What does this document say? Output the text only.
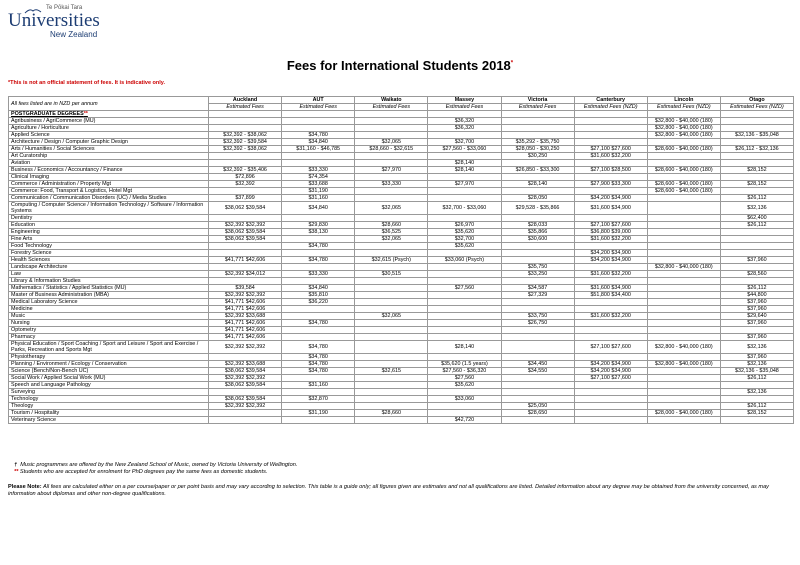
Te Pōkai Tara
Universities
New Zealand
Fees for International Students 2018*
*This is not an official statement of fees. It is indicative only.
All fees listed are in NZD per annum	Auckland	AUT	Waikato	Massey	Victoria	Canterbury	Lincoln	Otago
	Estimated Fees	Estimated Fees	Estimated Fees	Estimated Fees	Estimated Fees	Estimated Fees (NZD)	Estimated Fees (NZD)	Estimated Fees (NZD)
POSTGRADUATE DEGREES**								
Agribusiness / AgriCommerce (MU)				$36,320			$32,800 - $40,000 (180)	
Agriculture / Horticulture				$36,320			$32,800 - $40,000 (180)	
Applied Science	$32,392 - $38,062	$34,780					$32,800 - $40,000 (180)	$32,136 - $35,048
Architecture / Design / Computer Graphic Design	$32,392 - $39,584	$34,840	$32,065	$32,700	$35,292 - $35,750			
Arts / Humanities / Social Sciences	$32,392 - $38,062	$31,160 - $46,785	$28,660 - $32,615	$27,560 - $33,060	$28,050 - $30,250	$27,100 $27,600	$28,600 - $40,000 (180)	$26,112 - $32,136
Art Curatorship					$30,250	$31,600 $32,200		
Aviation				$28,140				
Business / Economics / Accountancy / Finance	$32,392 - $35,406	$33,330	$27,970	$28,140	$26,850 - $33,300	$27,100 $28,500	$28,600 - $40,000 (180)	$28,152
Clinical Imaging	$72,896	$74,354						
Commerce / Administration / Property Mgt	$32,392	$33,688	$33,330	$27,970	$28,140	$27,900 $33,300	$28,600 - $40,000 (180)	$28,152
Commerce: Food, Transport & Logistics, Hotel Mgt		$31,190					$28,600 - $40,000 (180)	
Communication / Communication Disorders (UC) / Media Studies	$37,899	$31,160			$28,050	$34,200 $34,900		$26,112
Computing / Computer Science / Information Technology / Software / Information Systems	$38,062 $39,584	$34,840	$32,065	$32,700 - $33,060	$29,528 - $35,866	$31,600 $34,900		$32,136
Dentistry								$62,400
Education	$32,392 $32,392	$29,830	$28,660	$26,970	$28,033	$27,100 $27,600		$26,112
Engineering	$38,062 $39,584	$38,130	$36,525	$35,620	$35,866	$36,800 $39,000		
Fine Arts	$38,062 $39,584		$32,065	$32,700	$30,600	$31,600 $32,200		
Food Technology		$34,780		$35,620				
Forestry Science						$34,200 $34,900		
Health Sciences	$41,771 $42,606	$34,780	$32,615 (Psych)	$33,060 (Psych)		$34,200 $34,900		$37,960
Landscape Architecture					$35,750		$32,800 - $40,000 (180)	
Law	$32,392 $34,012	$33,330	$30,515		$33,250	$31,600 $32,200		$28,560
Library & Information Studies								
Mathematics / Statistics / Applied Statistics (MU)	$39,584	$34,840		$27,560	$34,587	$31,600 $34,900		$26,112
Master of Business Administration (MBA)	$32,392 $32,392	$35,810			$27,329	$51,800 $34,400		$44,800
Medical Laboratory Science	$41,771 $42,606	$36,220						$37,960
Medicine	$41,771 $42,606							$37,960
Music	$32,392 $33,688		$32,065		$33,750	$31,600 $32,200		$29,640
Nursing	$41,771 $42,606	$34,780			$26,750			$37,960
Optometry	$41,771 $42,606							
Pharmacy	$41,771 $42,606							$37,960
Physical Education / Sport Coaching / Sport and Leisure / Sport and Exercise / Parks, Recreation and Sports Mgt	$32,392 $32,392	$34,780		$28,140		$27,100 $27,600	$32,800 - $40,000 (180)	$32,136
Physiotherapy		$34,780						$37,960
Planning / Environment / Ecology / Conservation	$32,392 $33,688	$34,780		$35,620 (1.5 years)	$34,450	$34,200 $34,900	$32,800 - $40,000 (180)	$32,136
Science (Bench/Non-Bench UC)	$38,062 $39,584	$34,780	$32,615	$27,560 - $36,320	$34,550	$34,200 $34,900		$32,136 - $35,048
Social Work / Applied Social Work (MU)	$32,392 $32,392			$27,560		$27,100 $27,600		$26,112
Speech and Language Pathology	$38,062 $39,584	$31,160		$35,620				
Surveying								$32,136
Technology	$38,062 $39,584	$32,870		$33,060				
Theology	$32,392 $32,392				$25,050			$26,112
Tourism / Hospitality		$31,190	$28,660		$28,650		$28,000 - $40,000 (180)	$28,152
Veterinary Science				$42,720				
† Music programmes are offered by the New Zealand School of Music, owned by Victoria University of Wellington.
** Students who are accepted for enrolment for PhD degrees pay the same fees as domestic students.
Please Note: All fees are calculated either on a per course/paper or per point basis and may vary according to selection. This table is a guide only; all figures given are estimates and not all qualifications are listed. Detailed information about any degree may be obtained from the university concerned, as may information about diplomas and other non-degree qualifications.
